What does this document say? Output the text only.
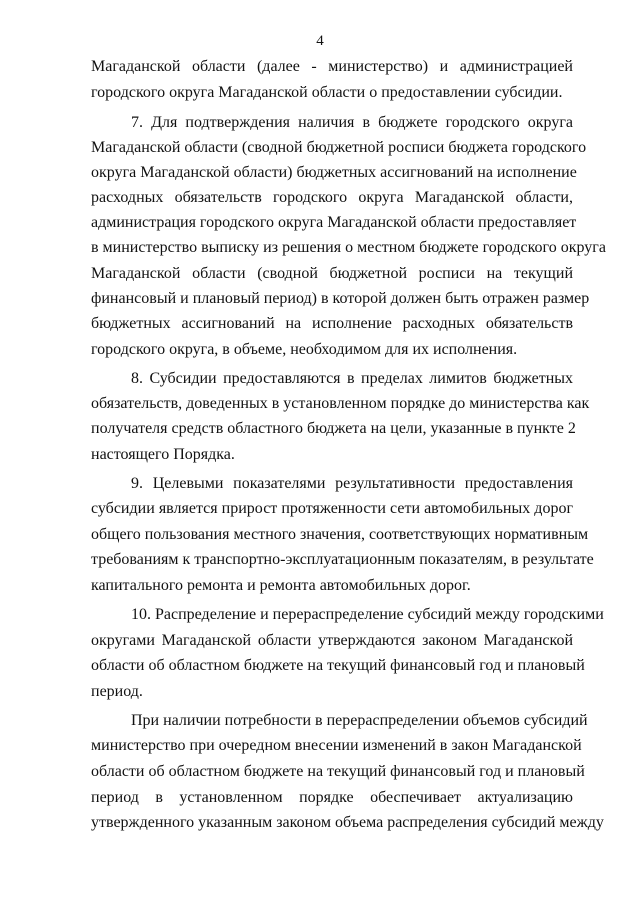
4
Магаданской области (далее - министерство) и администрацией
городского округа Магаданской области о предоставлении субсидии.
7. Для подтверждения наличия в бюджете городского округа
Магаданской области (сводной бюджетной росписи бюджета городского
округа Магаданской области) бюджетных ассигнований на исполнение
расходных обязательств городского округа Магаданской области,
администрация городского округа Магаданской области предоставляет
в министерство выписку из решения о местном бюджете городского округа
Магаданской области (сводной бюджетной росписи на текущий
финансовый и плановый период) в которой должен быть отражен размер
бюджетных ассигнований на исполнение расходных обязательств
городского округа, в объеме, необходимом для их исполнения.
8. Субсидии предоставляются в пределах лимитов бюджетных
обязательств, доведенных в установленном порядке до министерства как
получателя средств областного бюджета на цели, указанные в пункте 2
настоящего Порядка.
9. Целевыми показателями результативности предоставления
субсидии является прирост протяженности сети автомобильных дорог
общего пользования местного значения, соответствующих нормативным
требованиям к транспортно-эксплуатационным показателям, в результате
капитального ремонта и ремонта автомобильных дорог.
10. Распределение и перераспределение субсидий между городскими
округами Магаданской области утверждаются законом Магаданской
области об областном бюджете на текущий финансовый год и плановый
период.
При наличии потребности в перераспределении объемов субсидий
министерство при очередном внесении изменений в закон Магаданской
области об областном бюджете на текущий финансовый год и плановый
период в установленном порядке обеспечивает актуализацию
утвержденного указанным законом объема распределения субсидий между
